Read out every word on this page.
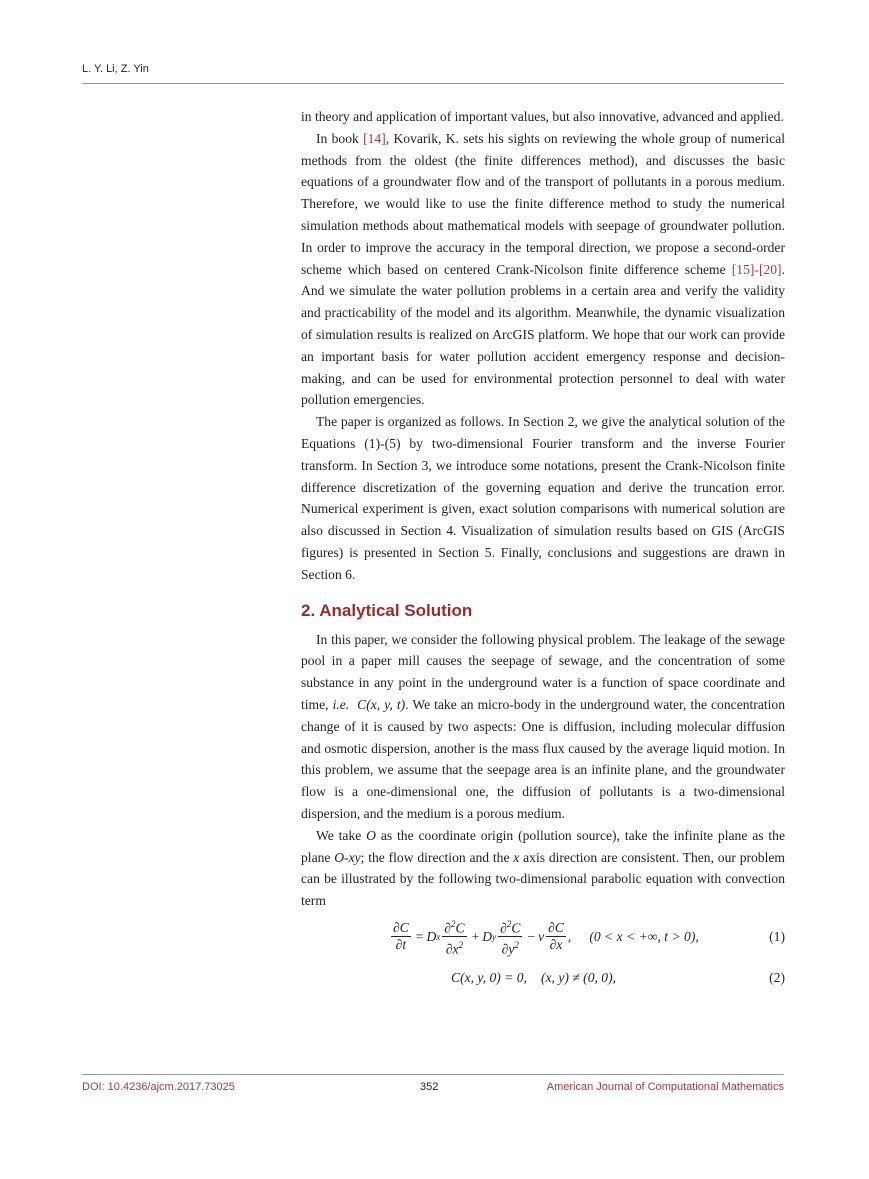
L. Y. Li, Z. Yin

in theory and application of important values, but also innovative, advanced and applied.

In book [14], Kovarik, K. sets his sights on reviewing the whole group of numerical methods from the oldest (the finite differences method), and discusses the basic equations of a groundwater flow and of the transport of pollutants in a porous medium. Therefore, we would like to use the finite difference method to study the numerical simulation methods about mathematical models with seepage of groundwater pollution. In order to improve the accuracy in the temporal direction, we propose a second-order scheme which based on centered Crank-Nicolson finite difference scheme [15]-[20]. And we simulate the water pollution problems in a certain area and verify the validity and practicability of the model and its algorithm. Meanwhile, the dynamic visualization of simulation results is realized on ArcGIS platform. We hope that our work can provide an important basis for water pollution accident emergency response and decision-making, and can be used for environmental protection personnel to deal with water pollution emergencies.

The paper is organized as follows. In Section 2, we give the analytical solution of the Equations (1)-(5) by two-dimensional Fourier transform and the inverse Fourier transform. In Section 3, we introduce some notations, present the Crank-Nicolson finite difference discretization of the governing equation and derive the truncation error. Numerical experiment is given, exact solution comparisons with numerical solution are also discussed in Section 4. Visualization of simulation results based on GIS (ArcGIS figures) is presented in Section 5. Finally, conclusions and suggestions are drawn in Section 6.

2. Analytical Solution

In this paper, we consider the following physical problem. The leakage of the sewage pool in a paper mill causes the seepage of sewage, and the concentration of some substance in any point in the underground water is a function of space coordinate and time, i.e. C(x, y, t). We take an micro-body in the underground water, the concentration change of it is caused by two aspects: One is diffusion, including molecular diffusion and osmotic dispersion, another is the mass flux caused by the average liquid motion. In this problem, we assume that the seepage area is an infinite plane, and the groundwater flow is a one-dimensional one, the diffusion of pollutants is a two-dimensional dispersion, and the medium is a porous medium.

We take O as the coordinate origin (pollution source), take the infinite plane as the plane O-xy; the flow direction and the x axis direction are consistent. Then, our problem can be illustrated by the following two-dimensional parabolic equation with convection term

$\frac{\partial C}{\partial t} = D$ x $\frac{\partial^2C}{\partial x^2} + D$ y $\frac{\partial^2C}{\partial y^2} - v \frac{\partial C}{\partial x}$ , (0 < x < +∞, t > 0),	(1)
C(x, y, 0) = 0, (x, y) ≠ (0, 0),	(2)
DOI: 10.4236/ajcm.2017.73025	352	American Journal of Computational Mathematics
